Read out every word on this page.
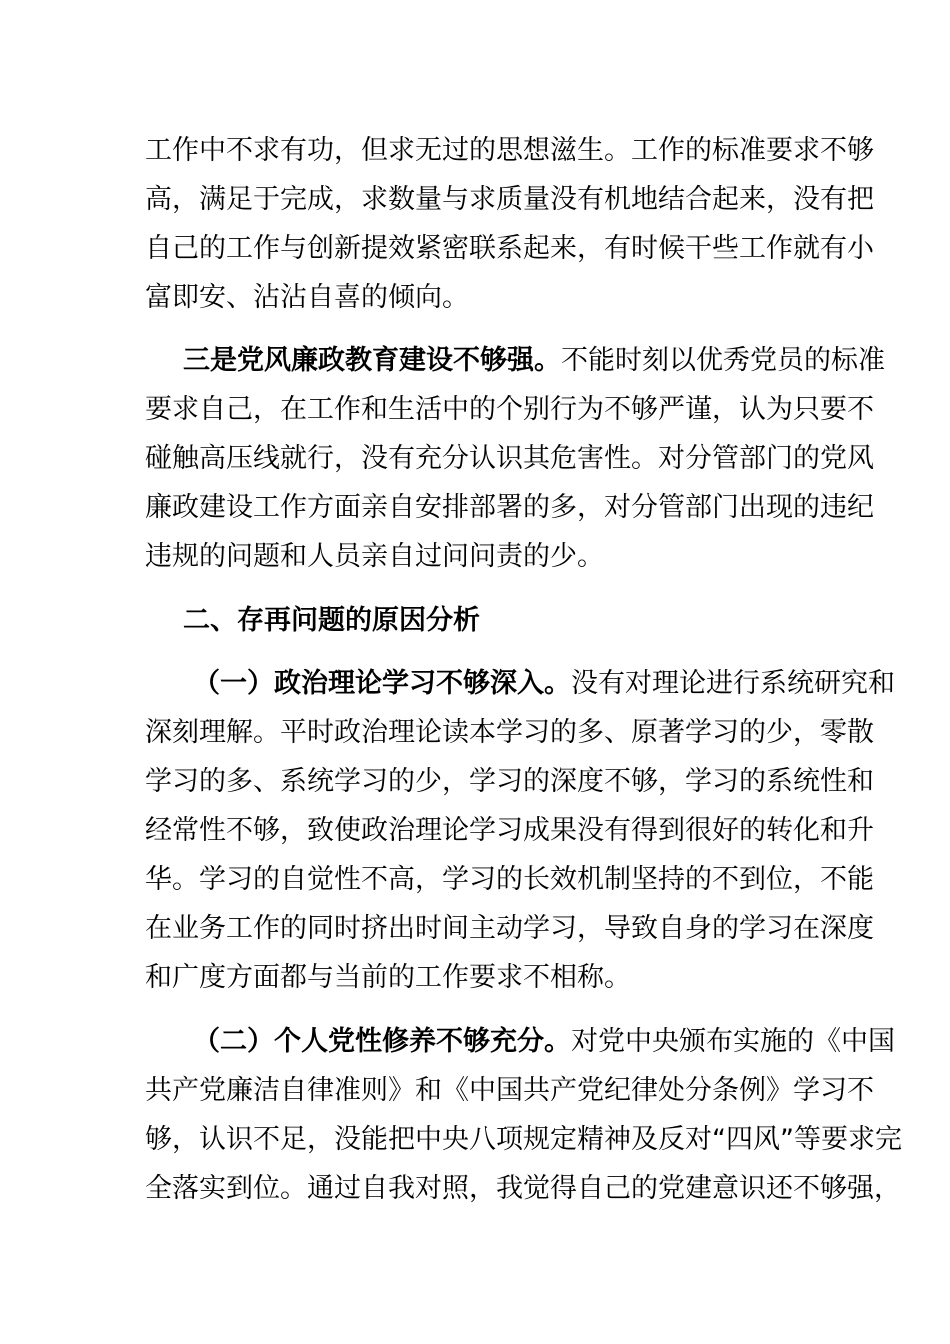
工作中不求有功，但求无过的思想滋生。工作的标准要求不够
高，满足于完成，求数量与求质量没有机地结合起来，没有把
自己的工作与创新提效紧密联系起来，有时候干些工作就有小
富即安、沾沾自喜的倾向。
三是党风廉政教育建设不够强。不能时刻以优秀党员的标准
要求自己，在工作和生活中的个别行为不够严谨，认为只要不
碰触高压线就行，没有充分认识其危害性。对分管部门的党风
廉政建设工作方面亲自安排部署的多，对分管部门出现的违纪
违规的问题和人员亲自过问问责的少。
二、存再问题的原因分析
（一）政治理论学习不够深入。没有对理论进行系统研究和
深刻理解。平时政治理论读本学习的多、原著学习的少，零散
学习的多、系统学习的少，学习的深度不够，学习的系统性和
经常性不够，致使政治理论学习成果没有得到很好的转化和升
华。学习的自觉性不高，学习的长效机制坚持的不到位，不能
在业务工作的同时挤出时间主动学习，导致自身的学习在深度
和广度方面都与当前的工作要求不相称。
（二）个人党性修养不够充分。对党中央颁布实施的《中国
共产党廉洁自律准则》和《中国共产党纪律处分条例》学习不
够，认识不足，没能把中央八项规定精神及反对“四风”等要求完
全落实到位。通过自我对照，我觉得自己的党建意识还不够强，
